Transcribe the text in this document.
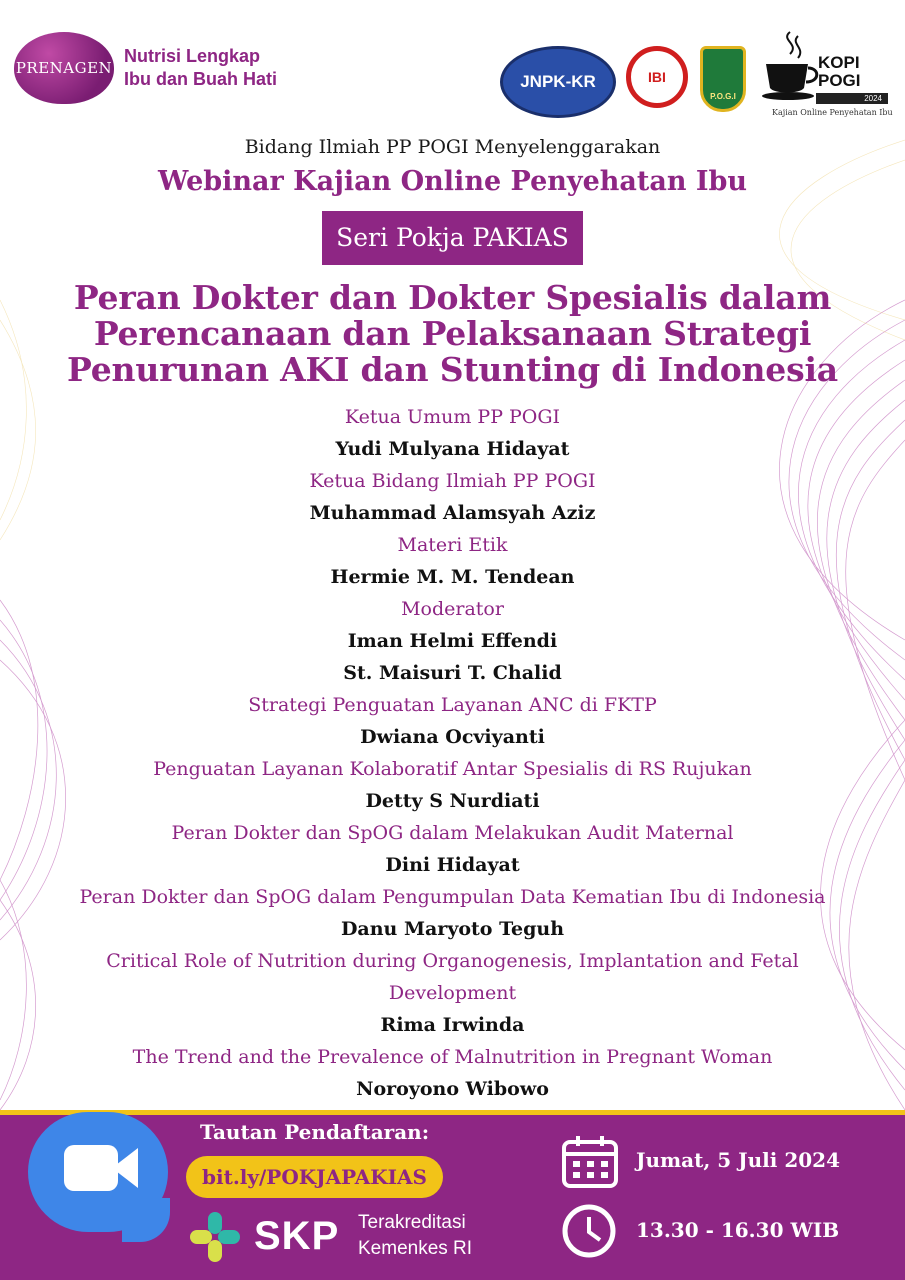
PRENAGEN
Nutrisi Lengkap
Ibu dan Buah Hati	JNPK-KR	IBI
P.O.G.I
KOPI
POGI
2024
Kajian Online Penyehatan Ibu
Bidang Ilmiah PP POGI Menyelenggarakan
Webinar Kajian Online Penyehatan Ibu
Seri Pokja PAKIAS
Peran Dokter dan Dokter Spesialis dalam
Perencanaan dan Pelaksanaan Strategi
Penurunan AKI dan Stunting di Indonesia
Ketua Umum PP POGI
Yudi Mulyana Hidayat
Ketua Bidang Ilmiah PP POGI
Muhammad Alamsyah Aziz
Materi Etik
Hermie M. M. Tendean
Moderator
Iman Helmi Effendi
St. Maisuri T. Chalid
Strategi Penguatan Layanan ANC di FKTP
Dwiana Ocviyanti
Penguatan Layanan Kolaboratif Antar Spesialis di RS Rujukan
Detty S Nurdiati
Peran Dokter dan SpOG dalam Melakukan Audit Maternal
Dini Hidayat
Peran Dokter dan SpOG dalam Pengumpulan Data Kematian Ibu di Indonesia
Danu Maryoto Teguh
Critical Role of Nutrition during Organogenesis, Implantation and Fetal Development
Rima Irwinda
The Trend and the Prevalence of Malnutrition in Pregnant Woman
Noroyono Wibowo
Tautan Pendaftaran:
bit.ly/POKJAPAKIAS
SKP Terakreditasi
Kemenkes RI
Jumat, 5 Juli 2024
13.30 - 16.30 WIB
